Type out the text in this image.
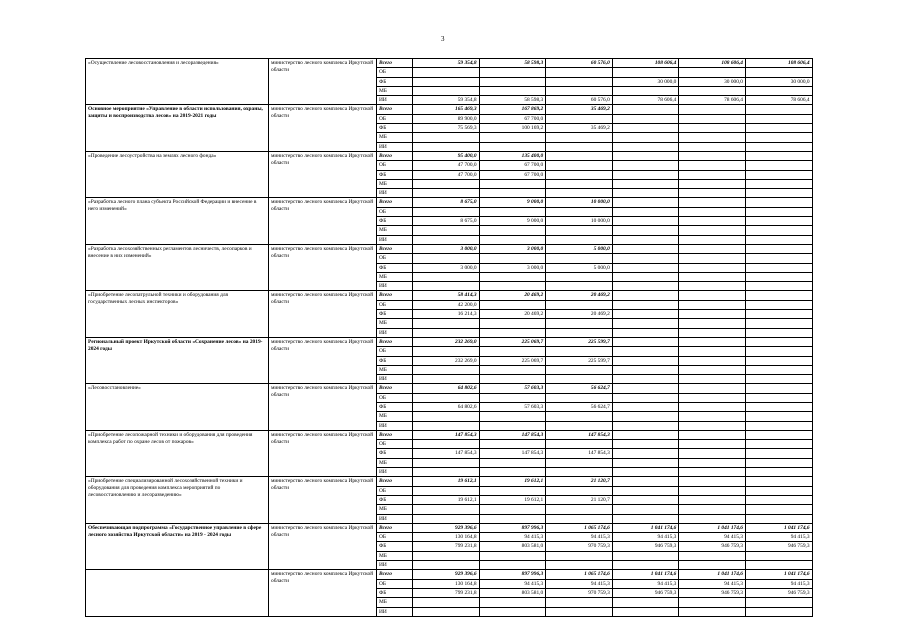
3
«Осуществление лесовосстановления и лесоразведения»	министерство лесного комплекса Иркутской области	Всего	59 354,8	58 598,3	60 576,0	108 606,4	108 606,4	108 606,4
		ОБ						
		ФБ				30 000,0	30 000,0	30 000,0
		МБ						
		ИИ	59 354,8	58 598,3	60 576,0	78 606,4	78 606,4	78 606,4
Основное мероприятие «Управление в области использования, охраны, защиты и воспроизводства лесов» на 2019-2021 годы	министерство лесного комплекса Иркутской области	Всего	165 469,3	167 869,2	35 469,2			
		ОБ	89 900,0	67 700,0				
		ФБ	75 569,3	100 169,2	35 469,2			
		МБ						
		ИИ						
«Проведение лесоустройства на землях лесного фонда»	министерство лесного комплекса Иркутской области	Всего	95 400,0	135 400,0				
		ОБ	47 700,0	67 700,0				
		ФБ	47 700,0	67 700,0				
		МБ						
		ИИ						
«Разработка лесного плана субъекта Российской Федерации и внесение в него изменений»	министерство лесного комплекса Иркутской области	Всего	8 675,0	9 000,0	10 000,0			
		ОБ						
		ФБ	8 675,0	9 000,0	10 000,0			
		МБ						
		ИИ						
«Разработка лесохозяйственных регламентов лесничеств, лесопарков и внесение в них изменений»	министерство лесного комплекса Иркутской области	Всего	3 000,0	3 000,0	5 000,0			
		ОБ						
		ФБ	3 000,0	3 000,0	5 000,0			
		МБ						
		ИИ						
«Приобретение лесопатрульной техники и оборудования для государственных лесных инспекторов»	министерство лесного комплекса Иркутской области	Всего	58 414,3	20 469,2	20 469,2			
		ОБ	42 200,0					
		ФБ	16 214,3	20 469,2	20 469,2			
		МБ						
		ИИ						
Региональный проект Иркутской области «Сохранение лесов» на 2019-2024 годы	министерство лесного комплекса Иркутской области	Всего	232 269,0	225 069,7	225 599,7			
		ОБ						
		ФБ	232 269,0	225 069,7	225 599,7			
		МБ						
		ИИ						
«Лесовосстановление»	министерство лесного комплекса Иркутской области	Всего	64 802,6	57 603,3	56 624,7			
		ОБ						
		ФБ	64 802,6	57 603,3	56 624,7			
		МБ						
		ИИ						
«Приобретение лесопожарной техники и оборудования для проведения комплекса работ по охране лесов от пожаров»	министерство лесного комплекса Иркутской области	Всего	147 854,3	147 854,3	147 854,3			
		ОБ						
		ФБ	147 854,3	147 854,3	147 854,3			
		МБ						
		ИИ						
«Приобретение специализированной лесохозяйственной техники и оборудования для проведения комплекса мероприятий по лесовосстановлению и лесоразведению»	министерство лесного комплекса Иркутской области	Всего	19 612,1	19 612,1	21 120,7			
		ОБ						
		ФБ	19 612,1	19 612,1	21 120,7			
		МБ						
		ИИ						
Обеспечивающая подпрограмма «Государственное управление в сфере лесного хозяйства Иркутской области» на 2019 - 2024 годы	министерство лесного комплекса Иркутской области	Всего	929 396,6	897 996,3	1 065 174,6	1 041 174,6	1 041 174,6	1 041 174,6
		ОБ	130 164,8	94 415,3	94 415,3	94 415,3	94 415,3	94 415,3
		ФБ	799 231,8	803 581,0	970 759,3	946 759,3	946 759,3	946 759,3
		МБ						
		ИИ						
	министерство лесного комплекса Иркутской области	Всего	929 396,6	897 996,3	1 065 174,6	1 041 174,6	1 041 174,6	1 041 174,6
		ОБ	130 164,8	94 415,3	94 415,3	94 415,3	94 415,3	94 415,3
		ФБ	799 231,8	803 581,0	970 759,3	946 759,3	946 759,3	946 759,3
		МБ						
		ИИ						
